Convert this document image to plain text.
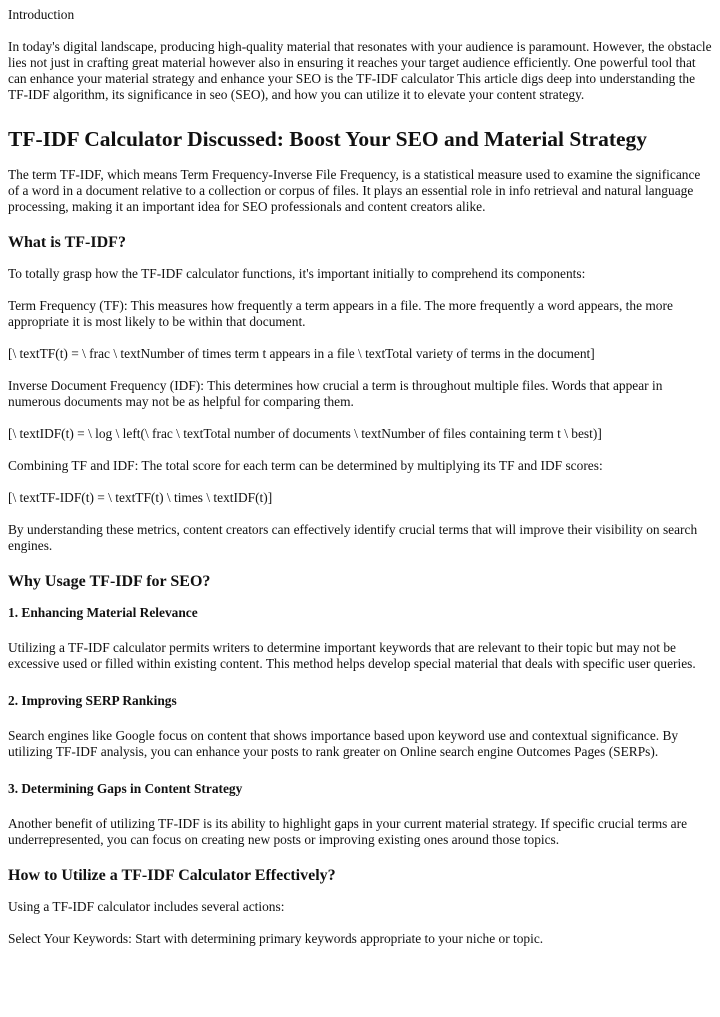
Introduction

In today's digital landscape, producing high-quality material that resonates with your audience is paramount. However, the obstacle lies not just in crafting great material however also in ensuring it reaches your target audience efficiently. One powerful tool that can enhance your material strategy and enhance your SEO is the TF-IDF calculator This article digs deep into understanding the TF-IDF algorithm, its significance in seo (SEO), and how you can utilize it to elevate your content strategy.

TF-IDF Calculator Discussed: Boost Your SEO and Material Strategy

The term TF-IDF, which means Term Frequency-Inverse File Frequency, is a statistical measure used to examine the significance of a word in a document relative to a collection or corpus of files. It plays an essential role in info retrieval and natural language processing, making it an important idea for SEO professionals and content creators alike.

What is TF-IDF?

To totally grasp how the TF-IDF calculator functions, it's important initially to comprehend its components:

Term Frequency (TF): This measures how frequently a term appears in a file. The more frequently a word appears, the more appropriate it is most likely to be within that document.

[\ textTF(t) = \ frac \ textNumber of times term t appears in a file \ textTotal variety of terms in the document]

Inverse Document Frequency (IDF): This determines how crucial a term is throughout multiple files. Words that appear in numerous documents may not be as helpful for comparing them.

[\ textIDF(t) = \ log \ left(\ frac \ textTotal number of documents \ textNumber of files containing term t \ best)]

Combining TF and IDF: The total score for each term can be determined by multiplying its TF and IDF scores:

[\ textTF-IDF(t) = \ textTF(t) \ times \ textIDF(t)]

By understanding these metrics, content creators can effectively identify crucial terms that will improve their visibility on search engines.

Why Usage TF-IDF for SEO?
1. Enhancing Material Relevance

Utilizing a TF-IDF calculator permits writers to determine important keywords that are relevant to their topic but may not be excessive used or filled within existing content. This method helps develop special material that deals with specific user queries.

2. Improving SERP Rankings

Search engines like Google focus on content that shows importance based upon keyword use and contextual significance. By utilizing TF-IDF analysis, you can enhance your posts to rank greater on Online search engine Outcomes Pages (SERPs).

3. Determining Gaps in Content Strategy

Another benefit of utilizing TF-IDF is its ability to highlight gaps in your current material strategy. If specific crucial terms are underrepresented, you can focus on creating new posts or improving existing ones around those topics.

How to Utilize a TF-IDF Calculator Effectively?

Using a TF-IDF calculator includes several actions:

Select Your Keywords: Start with determining primary keywords appropriate to your niche or topic.
